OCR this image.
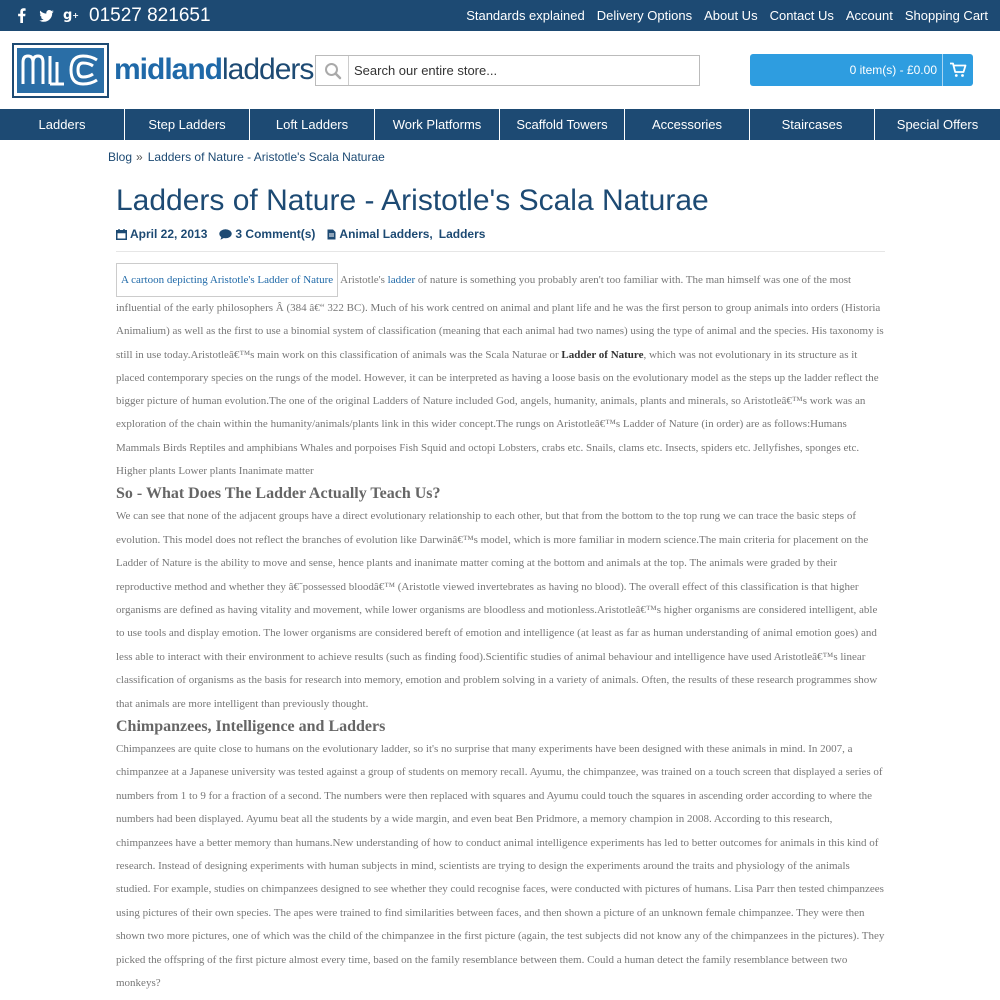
g + 01527 821651	Standards explained Delivery Options About Us Contact Us Account Shopping Cart
midlandladders
Search our entire store...	0 item(s) - £0.00
Ladders	Step Ladders	Loft Ladders	Work Platforms	Scaffold Towers	Accessories	Staircases	Special Offers
Blog » Ladders of Nature - Aristotle's Scala Naturae
Ladders of Nature - Aristotle's Scala Naturae
April 22, 2013 3 Comment(s) Animal Ladders, Ladders

A cartoon depicting Aristotle's Ladder of Nature Aristotle's ladder of nature is something you probably aren't too familiar with. The man himself was one of the most influential of the early philosophers Â (384 â€“ 322 BC). Much of his work centred on animal and plant life and he was the first person to group animals into orders (Historia Animalium) as well as the first to use a binomial system of classification (meaning that each animal had two names) using the type of animal and the species. His taxonomy is still in use today.Aristotleâ€™s main work on this classification of animals was the Scala Naturae or Ladder of Nature, which was not evolutionary in its structure as it placed contemporary species on the rungs of the model. However, it can be interpreted as having a loose basis on the evolutionary model as the steps up the ladder reflect the bigger picture of human evolution.The one of the original Ladders of Nature included God, angels, humanity, animals, plants and minerals, so Aristotleâ€™s work was an exploration of the chain within the humanity/animals/plants link in this wider concept.The rungs on Aristotleâ€™s Ladder of Nature (in order) are as follows:Humans Mammals Birds Reptiles and amphibians Whales and porpoises Fish Squid and octopi Lobsters, crabs etc. Snails, clams etc. Insects, spiders etc. Jellyfishes, sponges etc. Higher plants Lower plants Inanimate matter

So - What Does The Ladder Actually Teach Us?

We can see that none of the adjacent groups have a direct evolutionary relationship to each other, but that from the bottom to the top rung we can trace the basic steps of evolution. This model does not reflect the branches of evolution like Darwinâ€™s model, which is more familiar in modern science.The main criteria for placement on the Ladder of Nature is the ability to move and sense, hence plants and inanimate matter coming at the bottom and animals at the top. The animals were graded by their reproductive method and whether they â€˜possessed bloodâ€™ (Aristotle viewed invertebrates as having no blood). The overall effect of this classification is that higher organisms are defined as having vitality and movement, while lower organisms are bloodless and motionless.Aristotleâ€™s higher organisms are considered intelligent, able to use tools and display emotion. The lower organisms are considered bereft of emotion and intelligence (at least as far as human understanding of animal emotion goes) and less able to interact with their environment to achieve results (such as finding food).Scientific studies of animal behaviour and intelligence have used Aristotleâ€™s linear classification of organisms as the basis for research into memory, emotion and problem solving in a variety of animals. Often, the results of these research programmes show that animals are more intelligent than previously thought.

Chimpanzees, Intelligence and Ladders

Chimpanzees are quite close to humans on the evolutionary ladder, so it's no surprise that many experiments have been designed with these animals in mind. In 2007, a chimpanzee at a Japanese university was tested against a group of students on memory recall. Ayumu, the chimpanzee, was trained on a touch screen that displayed a series of numbers from 1 to 9 for a fraction of a second. The numbers were then replaced with squares and Ayumu could touch the squares in ascending order according to where the numbers had been displayed. Ayumu beat all the students by a wide margin, and even beat Ben Pridmore, a memory champion in 2008. According to this research, chimpanzees have a better memory than humans.New understanding of how to conduct animal intelligence experiments has led to better outcomes for animals in this kind of research. Instead of designing experiments with human subjects in mind, scientists are trying to design the experiments around the traits and physiology of the animals studied. For example, studies on chimpanzees designed to see whether they could recognise faces, were conducted with pictures of humans. Lisa Parr then tested chimpanzees using pictures of their own species. The apes were trained to find similarities between faces, and then shown a picture of an unknown female chimpanzee. They were then shown two more pictures, one of which was the child of the chimpanzee in the first picture (again, the test subjects did not know any of the chimpanzees in the pictures). They picked the offspring of the first picture almost every time, based on the family resemblance between them. Could a human detect the family resemblance between two monkeys?
